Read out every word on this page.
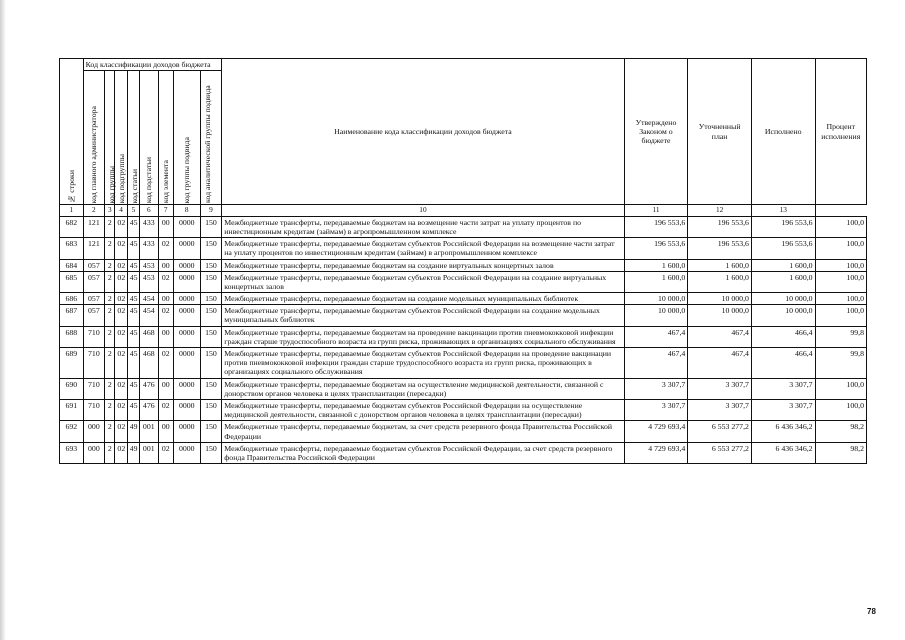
№ строки	Код классификации доходов бюджета								Наименование кода классификации доходов бюджета	Утверждено Законом о бюджете	Уточненный план	Исполнено	Процент исполнения

	код главного администратора	код группы	код подгруппы	код статьи	код подстатьи	код элемента	код группы подвида	код аналитической группы подвида					

1	2	3	4	5	6	7	8	9	10	11	12	13	
682	121	2	02	45	433	00	0000	150	Межбюджетные трансферты, передаваемые бюджетам на возмещение части затрат на уплату процентов по инвестиционным кредитам (займам) в агропромышленном комплексе	196 553,6	196 553,6	196 553,6	100,0
683	121	2	02	45	433	02	0000	150	Межбюджетные трансферты, передаваемые бюджетам субъектов Российской Федерации на возмещение части затрат на уплату процентов по инвестиционным кредитам (займам) в агропромышленном комплексе	196 553,6	196 553,6	196 553,6	100,0
684	057	2	02	45	453	00	0000	150	Межбюджетные трансферты, передаваемые бюджетам на создание виртуальных концертных залов	1 600,0	1 600,0	1 600,0	100,0
685	057	2	02	45	453	02	0000	150	Межбюджетные трансферты, передаваемые бюджетам субъектов Российской Федерации на создание виртуальных концертных залов	1 600,0	1 600,0	1 600,0	100,0
686	057	2	02	45	454	00	0000	150	Межбюджетные трансферты, передаваемые бюджетам на создание модельных муниципальных библиотек	10 000,0	10 000,0	10 000,0	100,0
687	057	2	02	45	454	02	0000	150	Межбюджетные трансферты, передаваемые бюджетам субъектов Российской Федерации на создание модельных муниципальных библиотек	10 000,0	10 000,0	10 000,0	100,0
688	710	2	02	45	468	00	0000	150	Межбюджетные трансферты, передаваемые бюджетам на проведение вакцинации против пневмококковой инфекции граждан старше трудоспособного возраста из групп риска, проживающих в организациях социального обслуживания	467,4	467,4	466,4	99,8
689	710	2	02	45	468	02	0000	150	Межбюджетные трансферты, передаваемые бюджетам субъектов Российской Федерации на проведение вакцинации против пневмококковой инфекции граждан старше трудоспособного возраста из групп риска, проживающих в организациях социального обслуживания	467,4	467,4	466,4	99,8
690	710	2	02	45	476	00	0000	150	Межбюджетные трансферты, передаваемые бюджетам на осуществление медицинской деятельности, связанной с донорством органов человека в целях трансплантации (пересадки)	3 307,7	3 307,7	3 307,7	100,0
691	710	2	02	45	476	02	0000	150	Межбюджетные трансферты, передаваемые бюджетам субъектов Российской Федерации на осуществление медицинской деятельности, связанной с донорством органов человека в целях трансплантации (пересадки)	3 307,7	3 307,7	3 307,7	100,0
692	000	2	02	49	001	00	0000	150	Межбюджетные трансферты, передаваемые бюджетам, за счет средств резервного фонда Правительства Российской Федерации	4 729 693,4	6 553 277,2	6 436 346,2	98,2
693	000	2	02	49	001	02	0000	150	Межбюджетные трансферты, передаваемые бюджетам субъектов Российской Федерации, за счет средств резервного фонда Правительства Российской Федерации	4 729 693,4	6 553 277,2	6 436 346,2	98,2
78
